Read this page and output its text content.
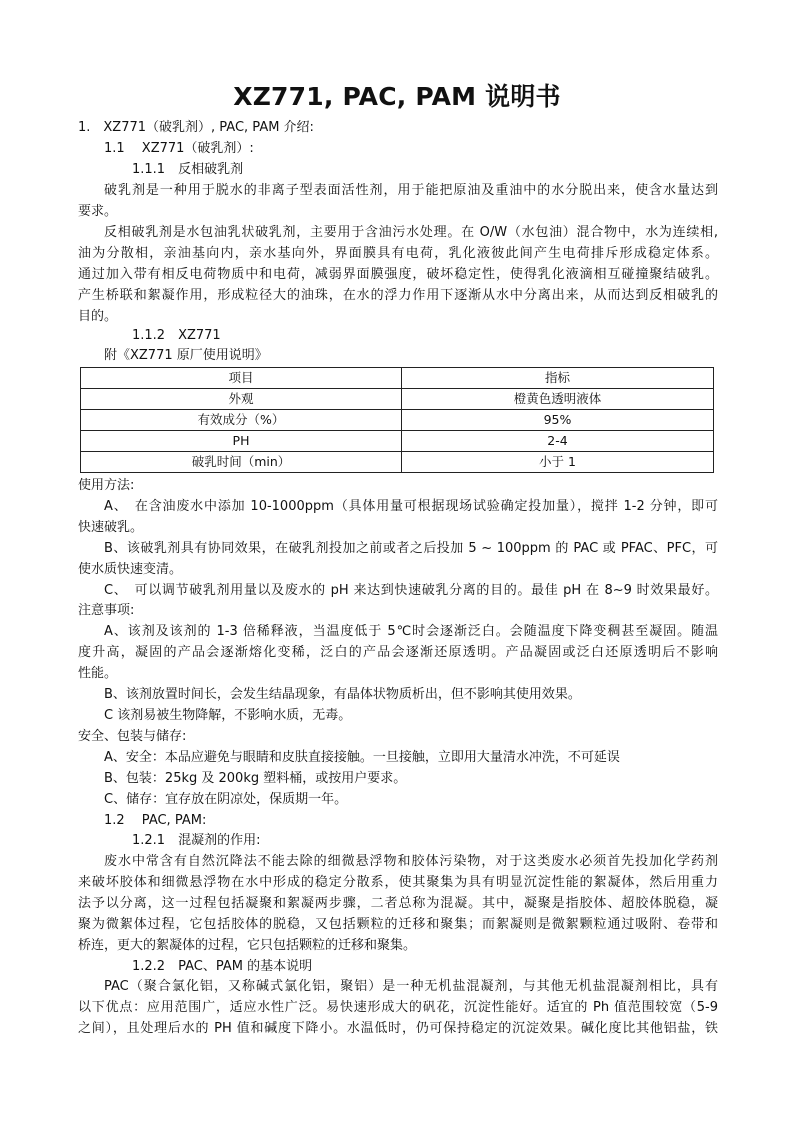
XZ771, PAC, PAM 说明书
1.　XZ771（破乳剂）, PAC, PAM 介绍:
1.1　 XZ771（破乳剂）:
1.1.1　反相破乳剂
破乳剂是一种用于脱水的非离子型表面活性剂，用于能把原油及重油中的水分脱出来，使含水量达到
要求。
反相破乳剂是水包油乳状破乳剂，主要用于含油污水处理。在 O/W（水包油）混合物中，水为连续相,
油为分散相，亲油基向内，亲水基向外，界面膜具有电荷，乳化液彼此间产生电荷排斥形成稳定体系。
通过加入带有相反电荷物质中和电荷，减弱界面膜强度，破坏稳定性，使得乳化液滴相互碰撞聚结破乳。
产生桥联和絮凝作用，形成粒径大的油珠，在水的浮力作用下逐渐从水中分离出来，从而达到反相破乳的
目的。
1.1.2　XZ771
附《XZ771 原厂使用说明》
项目	指标
外观	橙黄色透明液体
有效成分（%）	95%
PH	2-4
破乳时间（min）	小于 1
使用方法:
A、　在含油废水中添加 10-1000ppm（具体用量可根据现场试验确定投加量），搅拌 1-2 分钟，即可
快速破乳。
B、该破乳剂具有协同效果，在破乳剂投加之前或者之后投加 5 ~ 100ppm 的 PAC 或 PFAC、PFC，可
使水质快速变清。
C、　可以调节破乳剂用量以及废水的 pH 来达到快速破乳分离的目的。最佳 pH 在 8~9 时效果最好。
注意事项:
A、该剂及该剂的 1-3 倍稀释液，当温度低于 5℃时会逐渐泛白。会随温度下降变稠甚至凝固。随温
度升高，凝固的产品会逐渐熔化变稀，泛白的产品会逐渐还原透明。产品凝固或泛白还原透明后不影响
性能。
B、该剂放置时间长，会发生结晶现象，有晶体状物质析出，但不影响其使用效果。
C 该剂易被生物降解，不影响水质，无毒。
安全、包装与储存:
A、安全：本品应避免与眼睛和皮肤直接接触。一旦接触，立即用大量清水冲洗，不可延误
B、包装：25kg 及 200kg 塑料桶，或按用户要求。
C、储存：宜存放在阴凉处，保质期一年。
1.2　 PAC, PAM:
1.2.1　混凝剂的作用:
废水中常含有自然沉降法不能去除的细微悬浮物和胶体污染物，对于这类废水必须首先投加化学药剂
来破坏胶体和细微悬浮物在水中形成的稳定分散系，使其聚集为具有明显沉淀性能的絮凝体，然后用重力
法予以分离，这一过程包括凝聚和絮凝两步骤，二者总称为混凝。其中，凝聚是指胶体、超胶体脱稳，凝
聚为微絮体过程，它包括胶体的脱稳，又包括颗粒的迁移和聚集；而絮凝则是微絮颗粒通过吸附、卷带和
桥连，更大的絮凝体的过程，它只包括颗粒的迁移和聚集。
1.2.2　PAC、PAM 的基本说明
PAC（聚合氯化铝，又称碱式氯化铝，聚铝）是一种无机盐混凝剂，与其他无机盐混凝剂相比，具有
以下优点：应用范围广，适应水性广泛。易快速形成大的矾花，沉淀性能好。适宜的 Ph 值范围较宽（5-9
之间），且处理后水的 PH 值和碱度下降小。水温低时，仍可保持稳定的沉淀效果。碱化度比其他铝盐，铁
